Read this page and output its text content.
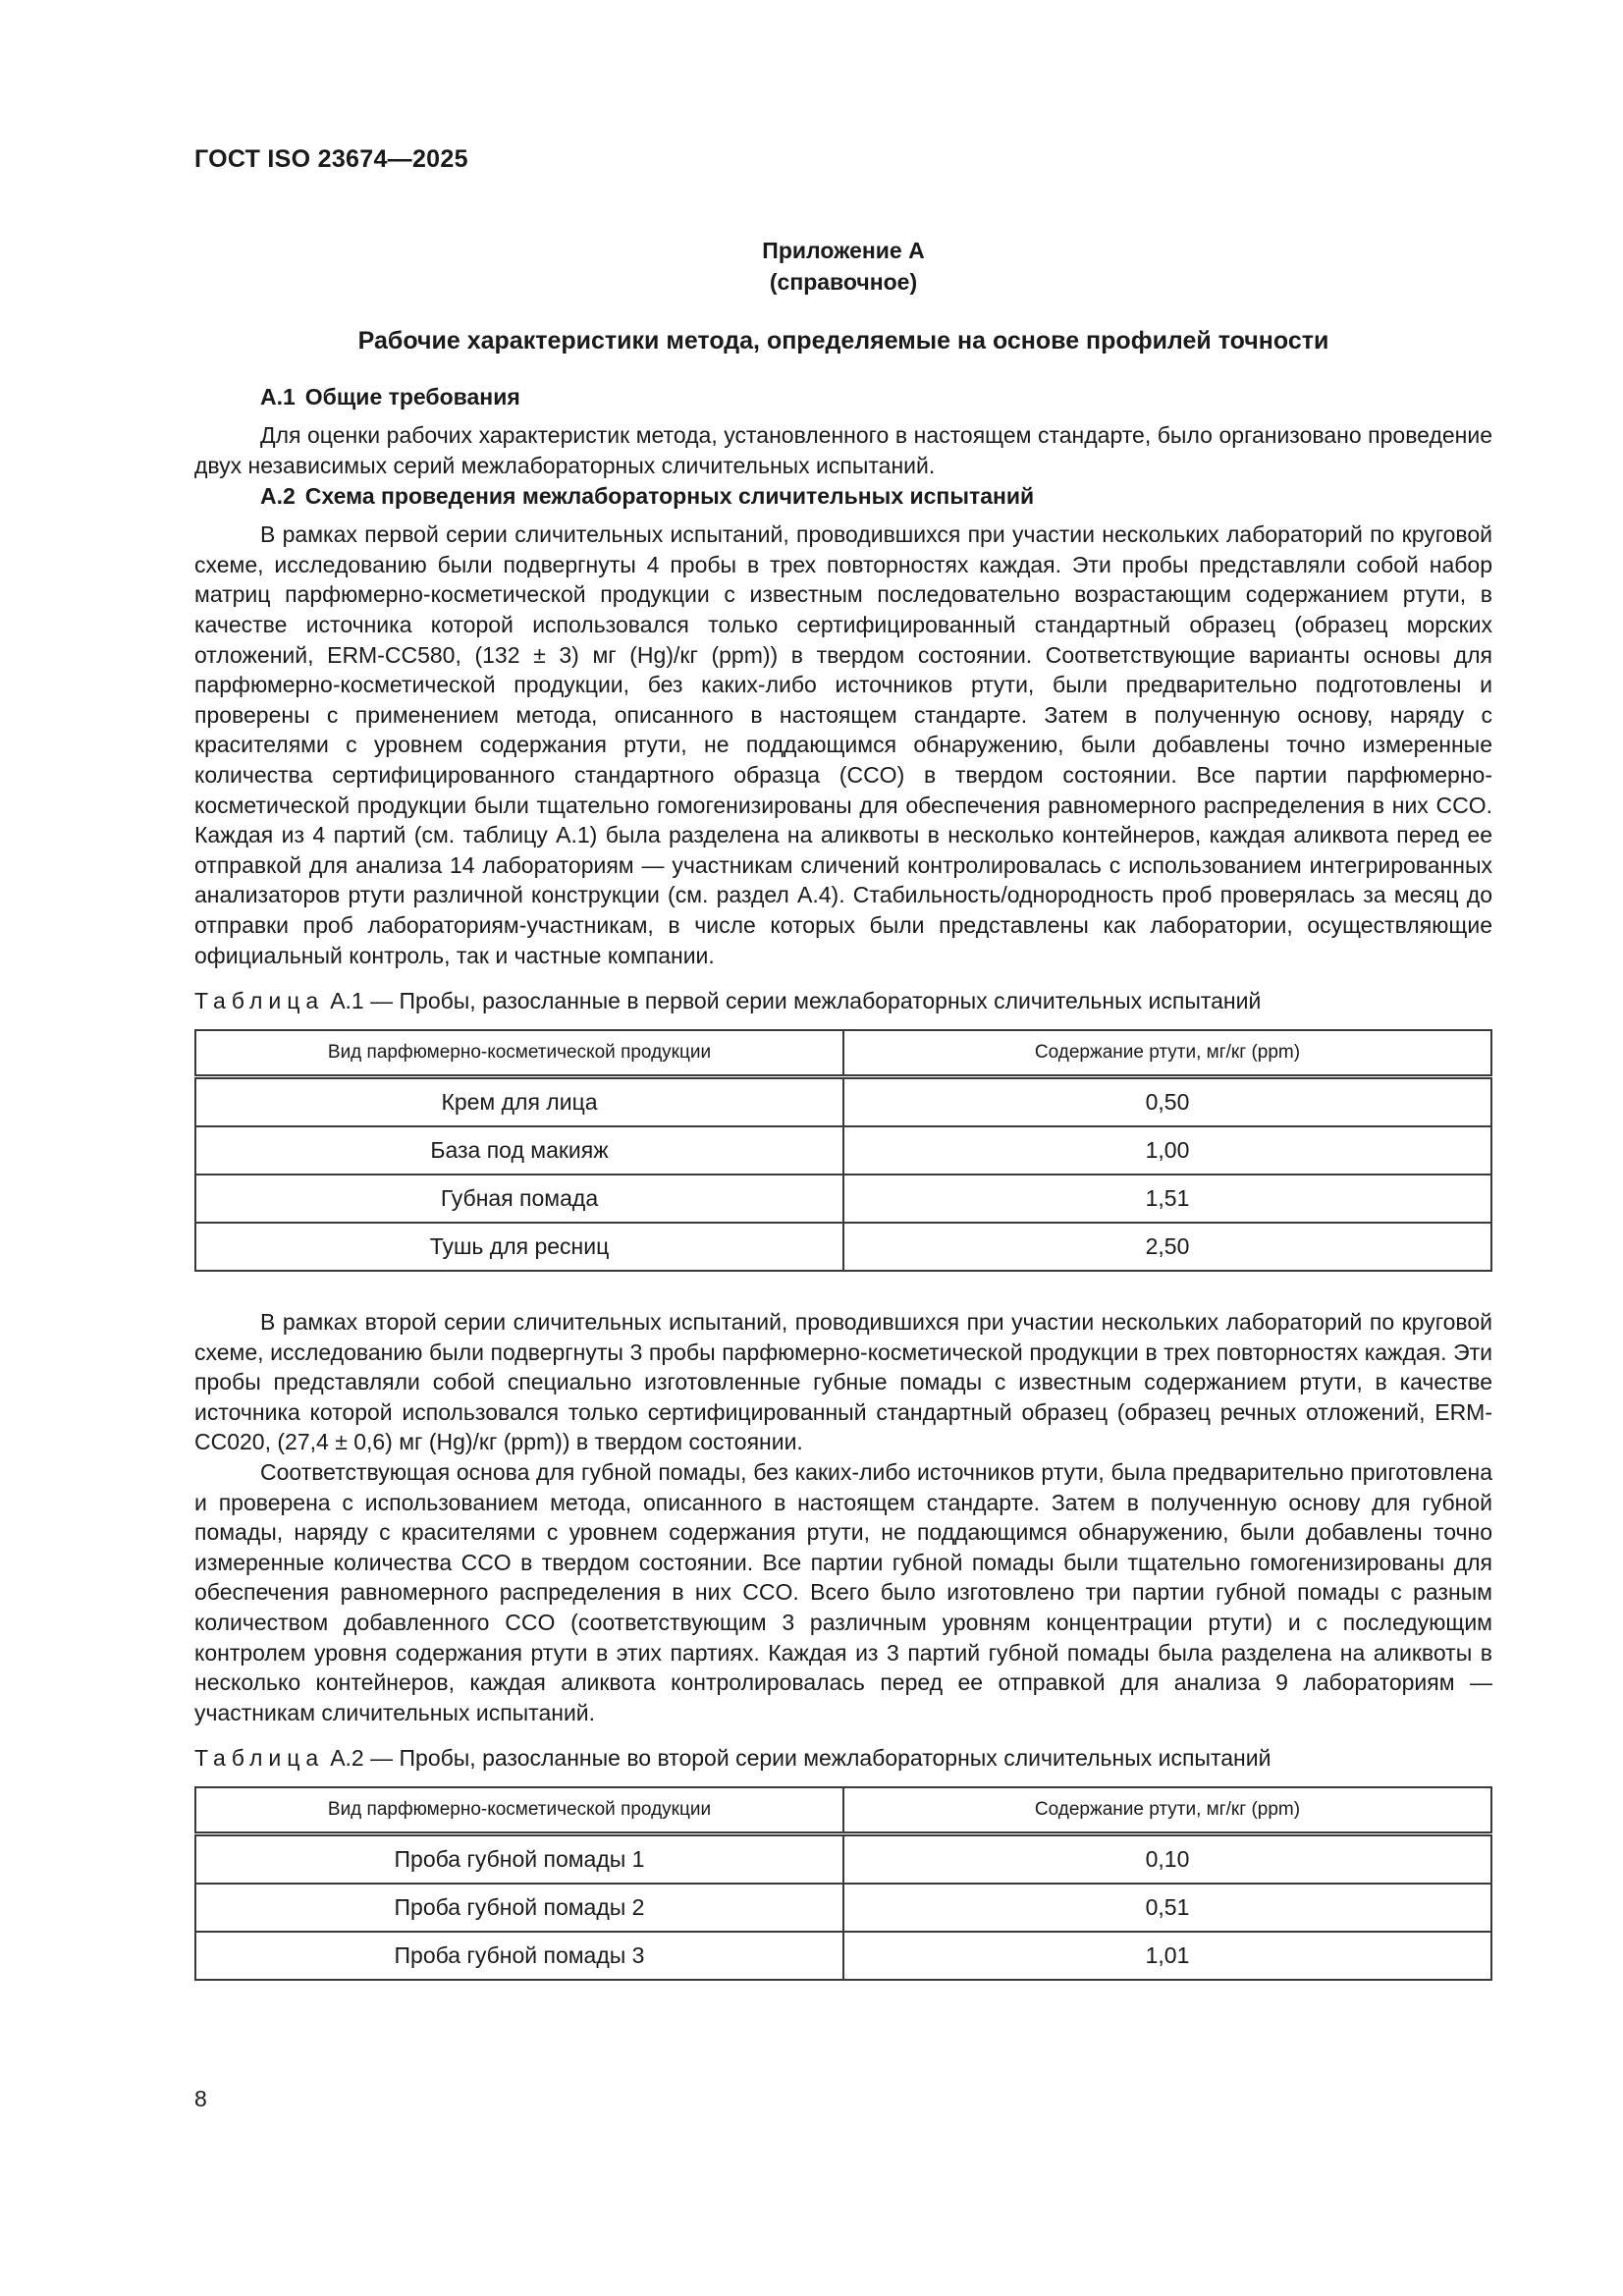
ГОСТ ISO 23674—2025
Приложение А
(справочное)
Рабочие характеристики метода, определяемые на основе профилей точности
А.1 Общие требования

Для оценки рабочих характеристик метода, установленного в настоящем стандарте, было организовано проведение двух независимых серий межлабораторных сличительных испытаний.

А.2 Схема проведения межлабораторных сличительных испытаний

В рамках первой серии сличительных испытаний, проводившихся при участии нескольких лабораторий по круговой схеме, исследованию были подвергнуты 4 пробы в трех повторностях каждая. Эти пробы представляли собой набор матриц парфюмерно-косметической продукции с известным последовательно возрастающим содержанием ртути, в качестве источника которой использовался только сертифицированный стандартный образец (образец морских отложений, ERM-CC580, (132 ± 3) мг (Hg)/кг (ppm)) в твердом состоянии. Соответствующие варианты основы для парфюмерно-косметической продукции, без каких-либо источников ртути, были предварительно подготовлены и проверены с применением метода, описанного в настоящем стандарте. Затем в полученную основу, наряду с красителями с уровнем содержания ртути, не поддающимся обнаружению, были добавлены точно измеренные количества сертифицированного стандартного образца (CCO) в твердом состоянии. Все партии парфюмерно-косметической продукции были тщательно гомогенизированы для обеспечения равномерного распределения в них CCO. Каждая из 4 партий (см. таблицу А.1) была разделена на аликвоты в несколько контейнеров, каждая аликвота перед ее отправкой для анализа 14 лабораториям — участникам сличений контролировалась с использованием интегрированных анализаторов ртути различной конструкции (см. раздел А.4). Стабильность/однородность проб проверялась за месяц до отправки проб лабораториям-участникам, в числе которых были представлены как лаборатории, осуществляющие официальный контроль, так и частные компании.

Таблица А.1 — Пробы, разосланные в первой серии межлабораторных сличительных испытаний
Вид парфюмерно-косметической продукции	Содержание ртути, мг/кг (ppm)
Крем для лица	0,50
База под макияж	1,00
Губная помада	1,51
Тушь для ресниц	2,50

В рамках второй серии сличительных испытаний, проводившихся при участии нескольких лабораторий по круговой схеме, исследованию были подвергнуты 3 пробы парфюмерно-косметической продукции в трех повторностях каждая. Эти пробы представляли собой специально изготовленные губные помады с известным содержанием ртути, в качестве источника которой использовался только сертифицированный стандартный образец (образец речных отложений, ERM-CC020, (27,4 ± 0,6) мг (Hg)/кг (ppm)) в твердом состоянии.

Соответствующая основа для губной помады, без каких-либо источников ртути, была предварительно приготовлена и проверена с использованием метода, описанного в настоящем стандарте. Затем в полученную основу для губной помады, наряду с красителями с уровнем содержания ртути, не поддающимся обнаружению, были добавлены точно измеренные количества CCO в твердом состоянии. Все партии губной помады были тщательно гомогенизированы для обеспечения равномерного распределения в них CCO. Всего было изготовлено три партии губной помады с разным количеством добавленного CCO (соответствующим 3 различным уровням концентрации ртути) и с последующим контролем уровня содержания ртути в этих партиях. Каждая из 3 партий губной помады была разделена на аликвоты в несколько контейнеров, каждая аликвота контролировалась перед ее отправкой для анализа 9 лабораториям — участникам сличительных испытаний.

Таблица А.2 — Пробы, разосланные во второй серии межлабораторных сличительных испытаний
Вид парфюмерно-косметической продукции	Содержание ртути, мг/кг (ppm)
Проба губной помады 1	0,10
Проба губной помады 2	0,51
Проба губной помады 3	1,01
8
